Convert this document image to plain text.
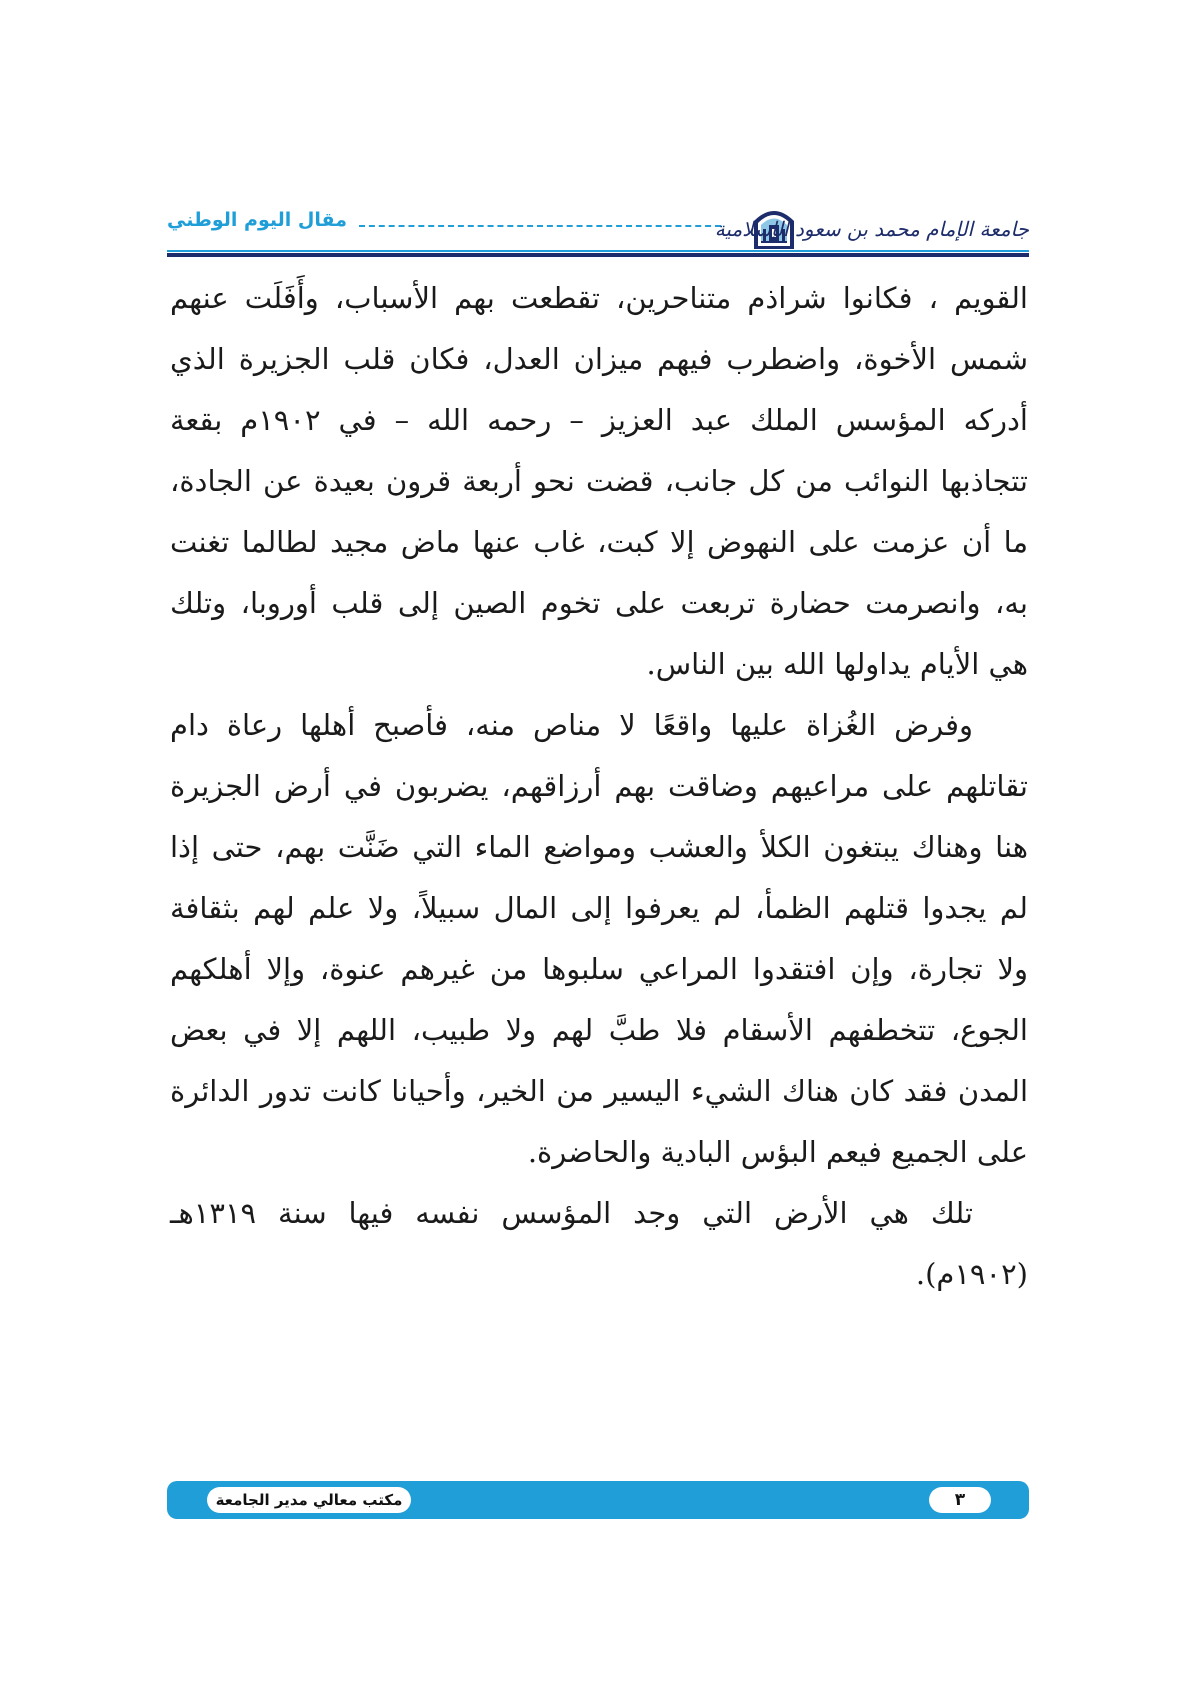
مقال اليوم الوطني	جامعة الإمام محمد بن سعود الإسلامية
القويم ، فكانوا شراذم متناحرين، تقطعت بهم الأسباب، وأَفَلَت عنهم
شمس الأخوة، واضطرب فيهم ميزان العدل، فكان قلب الجزيرة الذي
أدركه المؤسس الملك عبد العزيز – رحمه الله – في ١٩٠٢م بقعة
تتجاذبها النوائب من كل جانب، قضت نحو أربعة قرون بعيدة عن الجادة،
ما أن عزمت على النهوض إلا كبت، غاب عنها ماض مجيد لطالما تغنت
به، وانصرمت حضارة تربعت على تخوم الصين إلى قلب أوروبا، وتلك
هي الأيام يداولها الله بين الناس.
وفرض الغُزاة عليها واقعًا لا مناص منه، فأصبح أهلها رعاة دام
تقاتلهم على مراعيهم وضاقت بهم أرزاقهم، يضربون في أرض الجزيرة
هنا وهناك يبتغون الكلأ والعشب ومواضع الماء التي ضَنَّت بهم، حتى إذا
لم يجدوا قتلهم الظمأ، لم يعرفوا إلى المال سبيلاً، ولا علم لهم بثقافة
ولا تجارة، وإن افتقدوا المراعي سلبوها من غيرهم عنوة، وإلا أهلكهم
الجوع، تتخطفهم الأسقام فلا طبَّ لهم ولا طبيب، اللهم إلا في بعض
المدن فقد كان هناك الشيء اليسير من الخير، وأحيانا كانت تدور الدائرة
على الجميع فيعم البؤس البادية والحاضرة.
تلك هي الأرض التي وجد المؤسس نفسه فيها سنة ١٣١٩هـ
(١٩٠٢م).
مكتب معالي مدير الجامعة	٣
